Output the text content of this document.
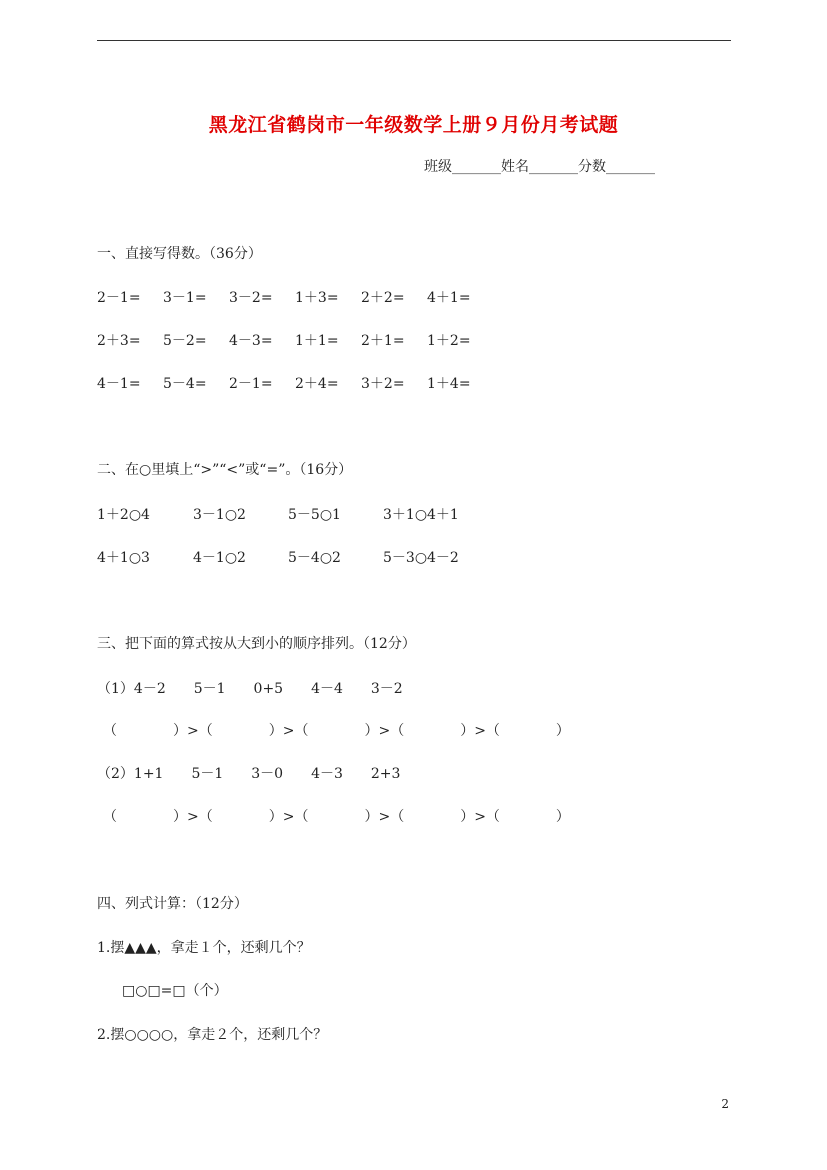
黑龙江省鹤岗市一年级数学上册９月份月考试题
班级_______姓名_______分数_______
一、直接写得数。（36分）
2－1= 3－1= 3－2= 1＋3= 2＋2= 4＋1=
2＋3= 5－2= 4－3= 1＋1= 2＋1= 1＋2=
4－1= 5－4= 2－1= 2＋4= 3＋2= 1＋4=
二、在○里填上“>”“<”或“=”。（16分）
1＋2○4	3－1○2	5－5○1	3＋1○4＋1
4＋1○3	4－1○2	5－4○2	5－3○4－2
三、把下面的算式按从大到小的顺序排列。（12分）
（1）4－2　　5－1　　0+5　　4－4　　3－2
（　　　　）>（　　　　）>（　　　　）>（　　　　）>（　　　　）
（2）1+1　　5－1　　3－0　　4－3　　2+3
（　　　　）>（　　　　）>（　　　　）>（　　　　）>（　　　　）
四、列式计算：（12分）
1.摆▲▲▲，拿走１个，还剩几个？
□○□=□（个）
2.摆○○○○，拿走２个，还剩几个？
2
